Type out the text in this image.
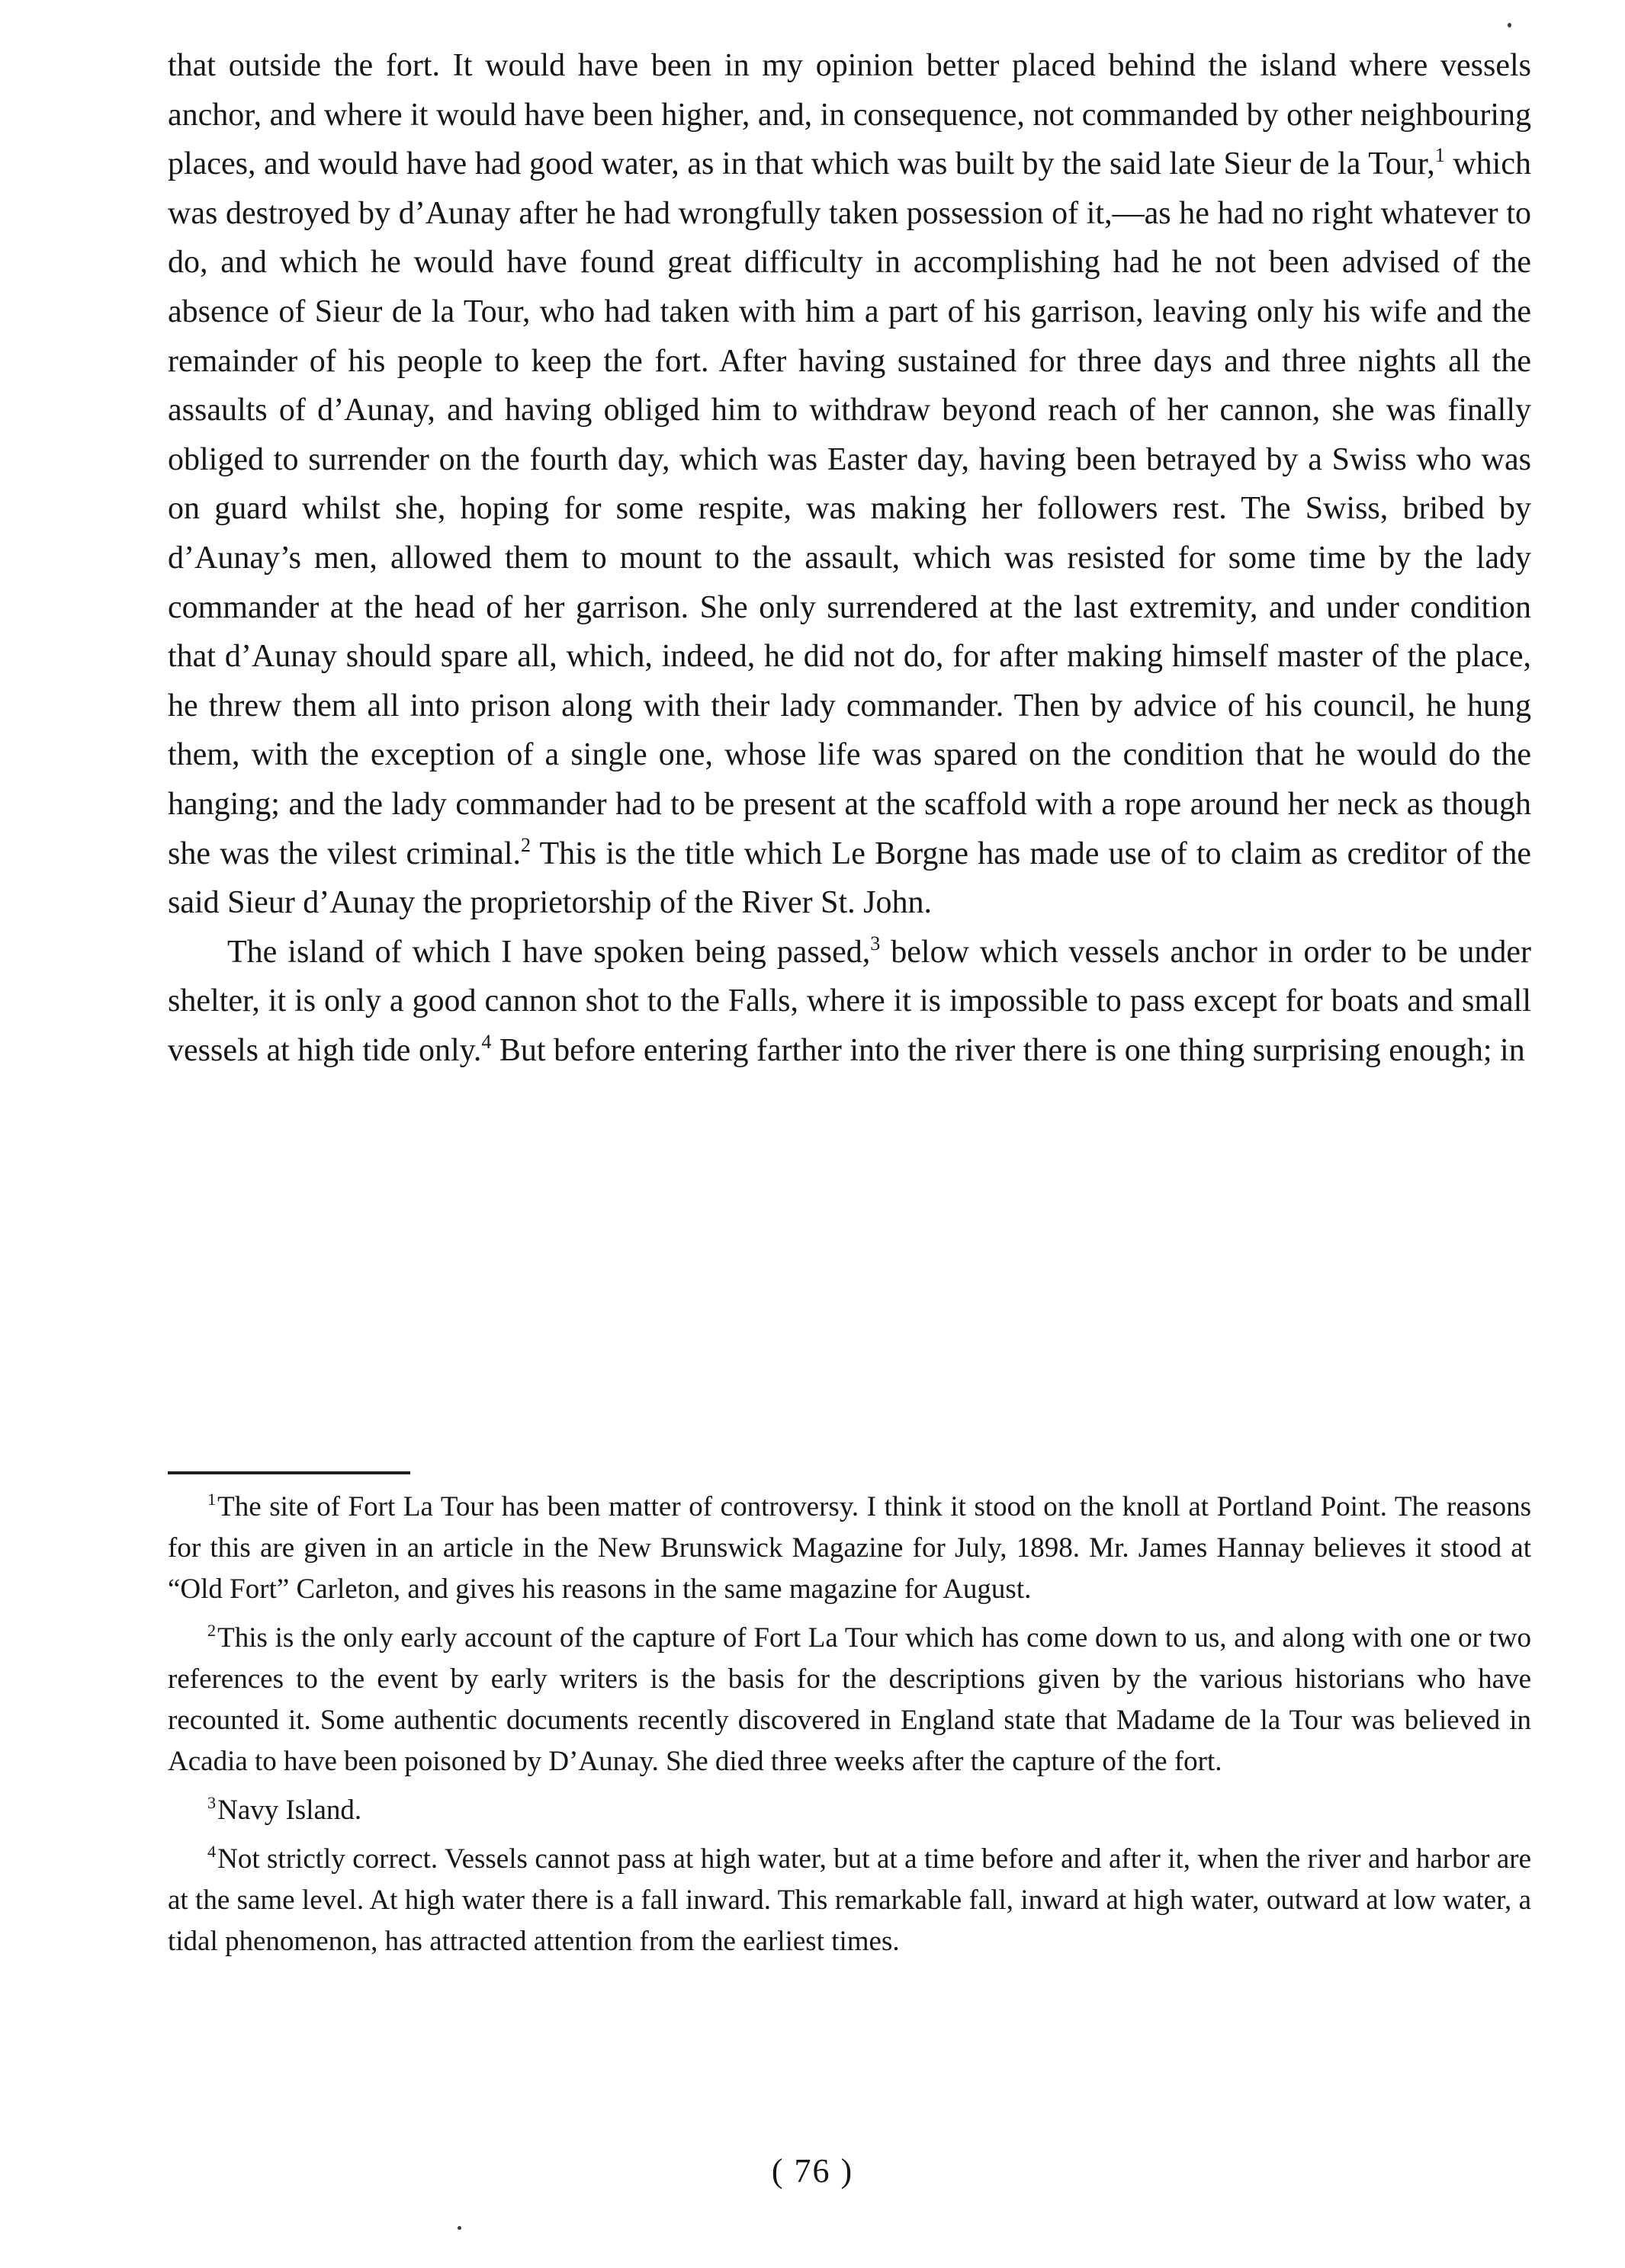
that outside the fort. It would have been in my opinion better placed behind the island where vessels anchor, and where it would have been higher, and, in consequence, not commanded by other neighbouring places, and would have had good water, as in that which was built by the said late Sieur de la Tour,$^1$ which was destroyed by d’Aunay after he had wrongfully taken possession of it,—as he had no right whatever to do, and which he would have found great difficulty in accomplishing had he not been advised of the absence of Sieur de la Tour, who had taken with him a part of his garrison, leaving only his wife and the remainder of his people to keep the fort. After having sustained for three days and three nights all the assaults of d’Aunay, and having obliged him to withdraw beyond reach of her cannon, she was finally obliged to surrender on the fourth day, which was Easter day, having been betrayed by a Swiss who was on guard whilst she, hoping for some respite, was making her followers rest. The Swiss, bribed by d’Aunay’s men, allowed them to mount to the assault, which was resisted for some time by the lady commander at the head of her garrison. She only surrendered at the last extremity, and under condition that d’Aunay should spare all, which, indeed, he did not do, for after making himself master of the place, he threw them all into prison along with their lady commander. Then by advice of his council, he hung them, with the exception of a single one, whose life was spared on the condition that he would do the hanging; and the lady commander had to be present at the scaffold with a rope around her neck as though she was the vilest criminal.$^2$ This is the title which Le Borgne has made use of to claim as creditor of the said Sieur d’Aunay the proprietorship of the River St. John.

The island of which I have spoken being passed,$^3$ below which vessels anchor in order to be under shelter, it is only a good cannon shot to the Falls, where it is impossible to pass except for boats and small vessels at high tide only.$^4$ But before entering farther into the river there is one thing surprising enough; in

$^1$The site of Fort La Tour has been matter of controversy. I think it stood on the knoll at Portland Point. The reasons for this are given in an article in the New Brunswick Magazine for July, 1898. Mr. James Hannay believes it stood at “Old Fort” Carleton, and gives his reasons in the same magazine for August.

$^2$This is the only early account of the capture of Fort La Tour which has come down to us, and along with one or two references to the event by early writers is the basis for the descriptions given by the various historians who have recounted it. Some authentic documents recently discovered in England state that Madame de la Tour was believed in Acadia to have been poisoned by D’Aunay. She died three weeks after the capture of the fort.

$^3$Navy Island.

$^4$Not strictly correct. Vessels cannot pass at high water, but at a time before and after it, when the river and harbor are at the same level. At high water there is a fall inward. This remarkable fall, inward at high water, outward at low water, a tidal phenomenon, has attracted attention from the earliest times.

( 76 )
